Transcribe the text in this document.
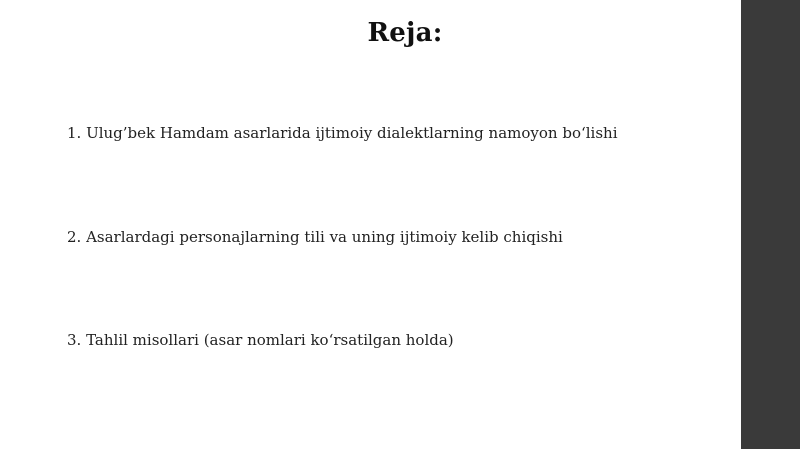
Reja:
1. Ulug’bek Hamdam asarlarida ijtimoiy dialektlarning namoyon bo‘lishi
2. Asarlardagi personajlarning tili va uning ijtimoiy kelib chiqishi
3. Tahlil misollari (asar nomlari ko‘rsatilgan holda)
